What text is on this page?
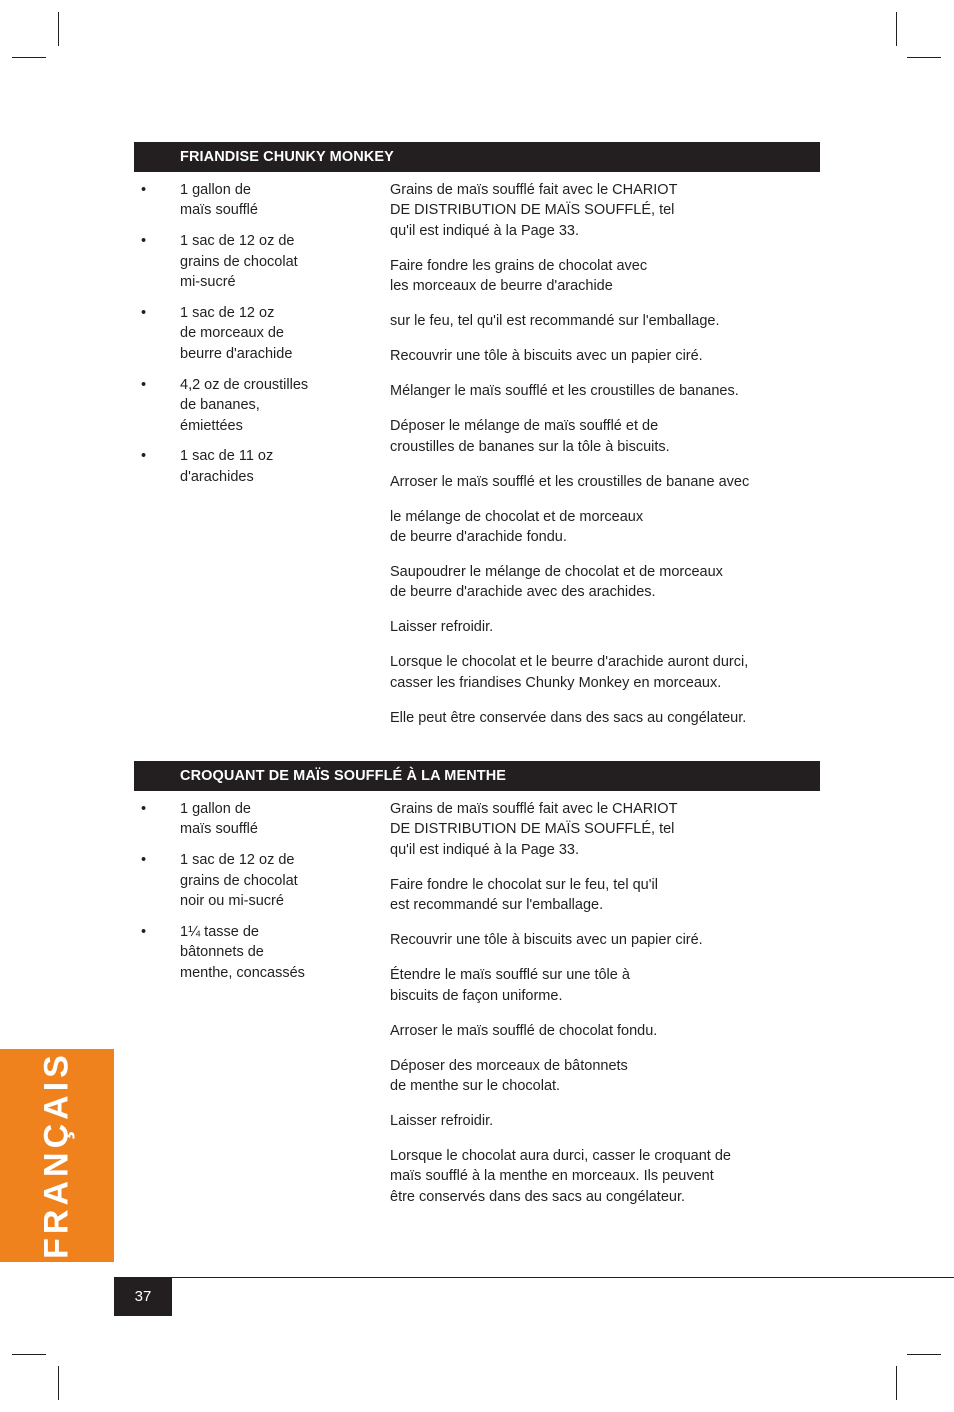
FRIANDISE CHUNKY MONKEY
• 1 gallon de
maïs soufflé
• 1 sac de 12 oz de
grains de chocolat
mi-sucré
• 1 sac de 12 oz
de morceaux de
beurre d'arachide
• 4,2 oz de croustilles
de bananes,
émiettées
• 1 sac de 11 oz
d'arachides

Grains de maïs soufflé fait avec le CHARIOT
DE DISTRIBUTION DE MAÏS SOUFFLÉ, tel
qu'il est indiqué à la Page 33.

Faire fondre les grains de chocolat avec
les morceaux de beurre d'arachide

sur le feu, tel qu'il est recommandé sur l'emballage.

Recouvrir une tôle à biscuits avec un papier ciré.

Mélanger le maïs soufflé et les croustilles de bananes.

Déposer le mélange de maïs soufflé et de
croustilles de bananes sur la tôle à biscuits.

Arroser le maïs soufflé et les croustilles de banane avec

le mélange de chocolat et de morceaux
de beurre d'arachide fondu.

Saupoudrer le mélange de chocolat et de morceaux
de beurre d'arachide avec des arachides.

Laisser refroidir.

Lorsque le chocolat et le beurre d'arachide auront durci,
casser les friandises Chunky Monkey en morceaux.

Elle peut être conservée dans des sacs au congélateur.

CROQUANT DE MAÏS SOUFFLÉ À LA MENTHE
• 1 gallon de
maïs soufflé
• 1 sac de 12 oz de
grains de chocolat
noir ou mi-sucré
• 1¼ tasse de
bâtonnets de
menthe, concassés

Grains de maïs soufflé fait avec le CHARIOT
DE DISTRIBUTION DE MAÏS SOUFFLÉ, tel
qu'il est indiqué à la Page 33.

Faire fondre le chocolat sur le feu, tel qu'il
est recommandé sur l'emballage.

Recouvrir une tôle à biscuits avec un papier ciré.

Étendre le maïs soufflé sur une tôle à
biscuits de façon uniforme.

Arroser le maïs soufflé de chocolat fondu.

Déposer des morceaux de bâtonnets
de menthe sur le chocolat.

Laisser refroidir.

Lorsque le chocolat aura durci, casser le croquant de
maïs soufflé à la menthe en morceaux. Ils peuvent
être conservés dans des sacs au congélateur.

FRANÇAIS
37
